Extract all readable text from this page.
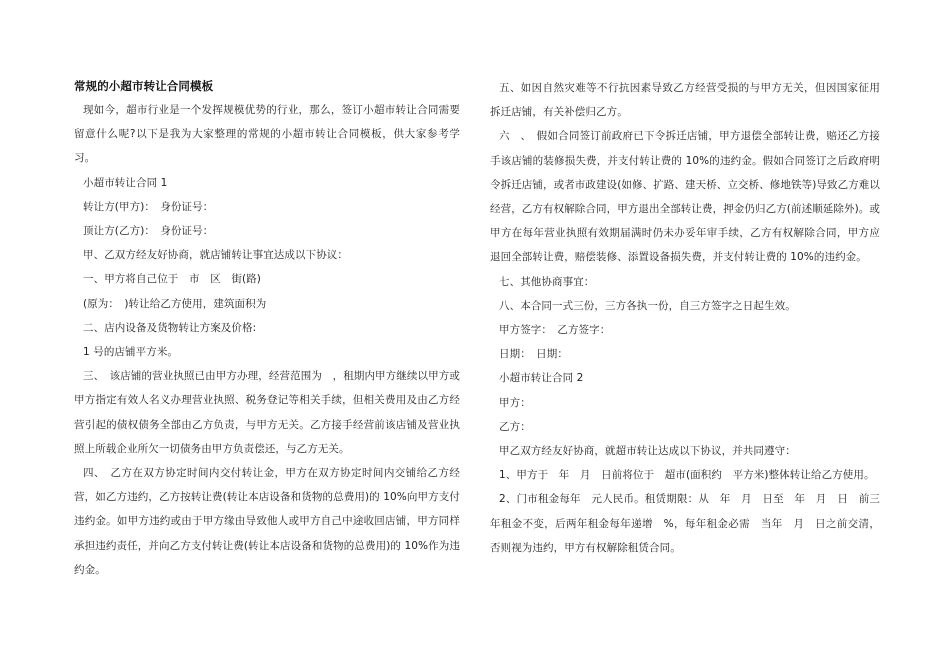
常规的小超市转让合同模板

现如今，超市行业是一个发挥规模优势的行业，那么，签订小超市转让合同需要留意什么呢?以下是我为大家整理的常规的小超市转让合同模板，供大家参考学习。

小超市转让合同 1

转让方(甲方)：　身份证号：

顶让方(乙方)：　身份证号：

甲、乙双方经友好协商，就店铺转让事宜达成以下协议：

一、甲方将自己位于　市　区　街(路)

(原为：　)转让给乙方使用，建筑面积为

二、店内设备及货物转让方案及价格:

1 号的店铺平方米。

三、　该店铺的营业执照已由甲方办理，经营范围为　，租期内甲方继续以甲方或甲方指定有效人名义办理营业执照、税务登记等相关手续，但相关费用及由乙方经营引起的债权债务全部由乙方负责，与甲方无关。乙方接手经营前该店铺及营业执照上所载企业所欠一切债务由甲方负责偿还，与乙方无关。

四、　乙方在双方协定时间内交付转让金，甲方在双方协定时间内交铺给乙方经营，如乙方违约，乙方按转让费(转让本店设备和货物的总费用)的 10%向甲方支付违约金。如甲方违约或由于甲方缘由导致他人或甲方自己中途收回店铺，甲方同样承担违约责任，并向乙方支付转让费(转让本店设备和货物的总费用)的 10%作为违约金。

五、如因自然灾难等不行抗因素导致乙方经营受损的与甲方无关，但因国家征用拆迁店铺，有关补偿归乙方。

六　、　假如合同签订前政府已下令拆迁店铺，甲方退偿全部转让费，赔还乙方接手该店铺的装修损失费，并支付转让费的 10%的违约金。假如合同签订之后政府明令拆迁店铺，或者市政建设(如修、扩路、建天桥、立交桥、修地铁等)导致乙方难以经营，乙方有权解除合同，甲方退出全部转让费，押金仍归乙方(前述顺延除外)。或甲方在每年营业执照有效期届满时仍未办妥年审手续，乙方有权解除合同，甲方应退回全部转让费，赔偿装修、添置设备损失费，并支付转让费的 10%的违约金。

七、其他协商事宜：

八、本合同一式三份，三方各执一份，自三方签字之日起生效。

甲方签字：　乙方签字：

日期：　日期：

小超市转让合同 2

甲方：

乙方：

甲乙双方经友好协商，就超市转让达成以下协议，并共同遵守：

1、甲方于　年　月　日前将位于　超市(面积约　平方米)整体转让给乙方使用。

2、门市租金每年　元人民币。租赁期限：从　年　月　日至　年　月　日　前三年租金不变，后两年租金每年递增　%，每年租金必需　当年　月　日之前交清，否则视为违约，甲方有权解除租赁合同。
